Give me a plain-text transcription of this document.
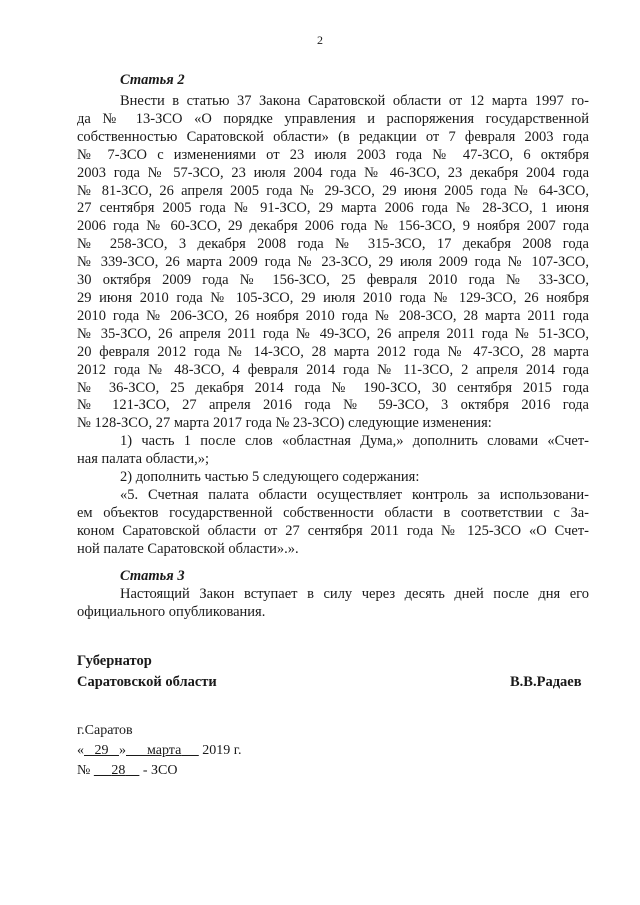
2
Статья 2
Внести в статью 37 Закона Саратовской области от 12 марта 1997 го-
да № 13-ЗСО «О порядке управления и распоряжения государственной
собственностью Саратовской области» (в редакции от 7 февраля 2003 года
№ 7-ЗСО с изменениями от 23 июля 2003 года № 47-ЗСО, 6 октября
2003 года № 57-ЗСО, 23 июля 2004 года № 46-ЗСО, 23 декабря 2004 года
№ 81-ЗСО, 26 апреля 2005 года № 29-ЗСО, 29 июня 2005 года № 64-ЗСО,
27 сентября 2005 года № 91-ЗСО, 29 марта 2006 года № 28-ЗСО, 1 июня
2006 года № 60-ЗСО, 29 декабря 2006 года № 156-ЗСО, 9 ноября 2007 года
№ 258-ЗСО, 3 декабря 2008 года № 315-ЗСО, 17 декабря 2008 года
№ 339-ЗСО, 26 марта 2009 года № 23-ЗСО, 29 июля 2009 года № 107-ЗСО,
30 октября 2009 года № 156-ЗСО, 25 февраля 2010 года № 33-ЗСО,
29 июня 2010 года № 105-ЗСО, 29 июля 2010 года № 129-ЗСО, 26 ноября
2010 года № 206-ЗСО, 26 ноября 2010 года № 208-ЗСО, 28 марта 2011 года
№ 35-ЗСО, 26 апреля 2011 года № 49-ЗСО, 26 апреля 2011 года № 51-ЗСО,
20 февраля 2012 года № 14-ЗСО, 28 марта 2012 года № 47-ЗСО, 28 марта
2012 года № 48-ЗСО, 4 февраля 2014 года № 11-ЗСО, 2 апреля 2014 года
№ 36-ЗСО, 25 декабря 2014 года № 190-ЗСО, 30 сентября 2015 года
№ 121-ЗСО, 27 апреля 2016 года № 59-ЗСО, 3 октября 2016 года
№ 128-ЗСО, 27 марта 2017 года № 23-ЗСО) следующие изменения:
1) часть 1 после слов «областная Дума,» дополнить словами «Счет-
ная палата области,»;
2) дополнить частью 5 следующего содержания:
«5. Счетная палата области осуществляет контроль за использовани-
ем объектов государственной собственности области в соответствии с За-
коном Саратовской области от 27 сентября 2011 года № 125-ЗСО «О Счет-
ной палате Саратовской области».».
Статья 3
Настоящий Закон вступает в силу через десять дней после дня его
официального опубликования.
Губернатор
Саратовской области	В.В.Радаев
г.Саратов
« 29 » марта 2019 г.
№ 28 - ЗСО
